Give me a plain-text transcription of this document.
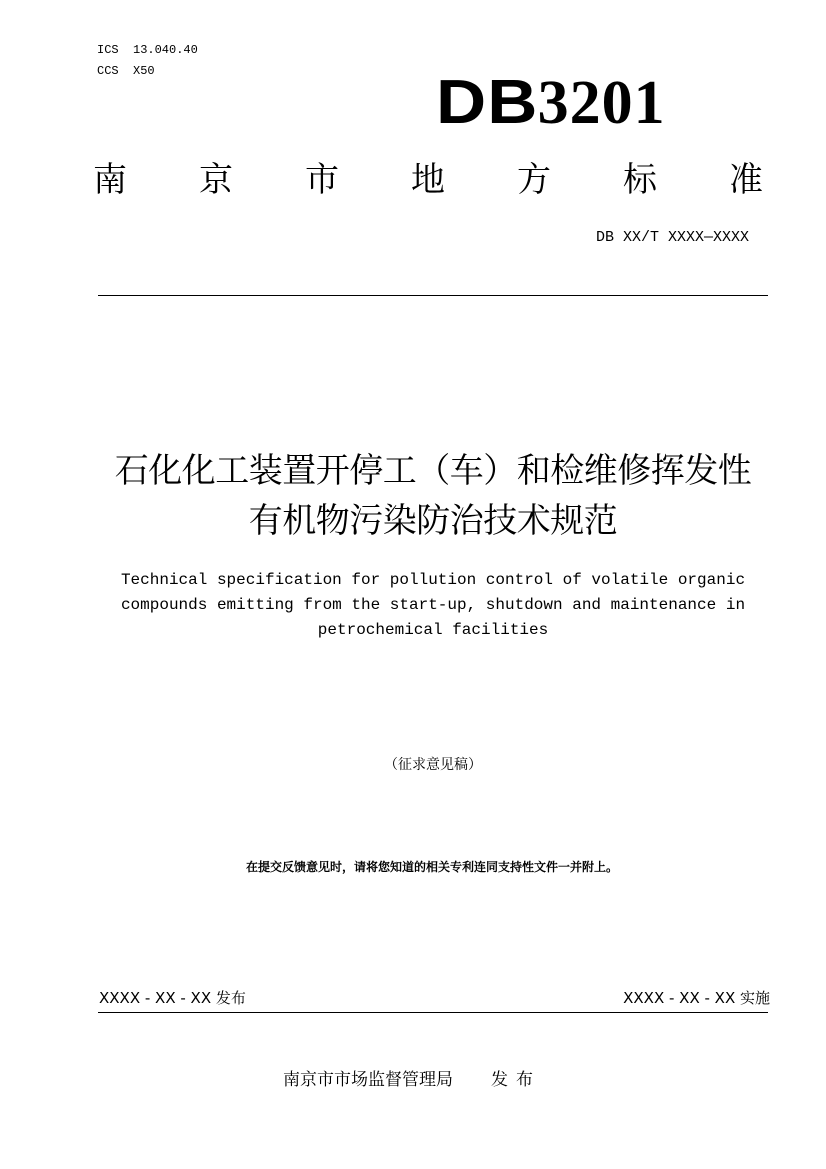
ICS  13.040.40
CCS  X50	DB3201
南 京 市 地 方 标 准
DB XX/T XXXX—XXXX
石化化工装置开停工（车）和检维修挥发性
有机物污染防治技术规范
Technical specification for pollution control of volatile organic
compounds emitting from the start-up, shutdown and maintenance in
petrochemical facilities
（征求意见稿）
在提交反馈意见时，请将您知道的相关专利连同支持性文件一并附上。
XXXX - XX - XX 发布	XXXX - XX - XX 实施
南京市市场监督管理局 发布
